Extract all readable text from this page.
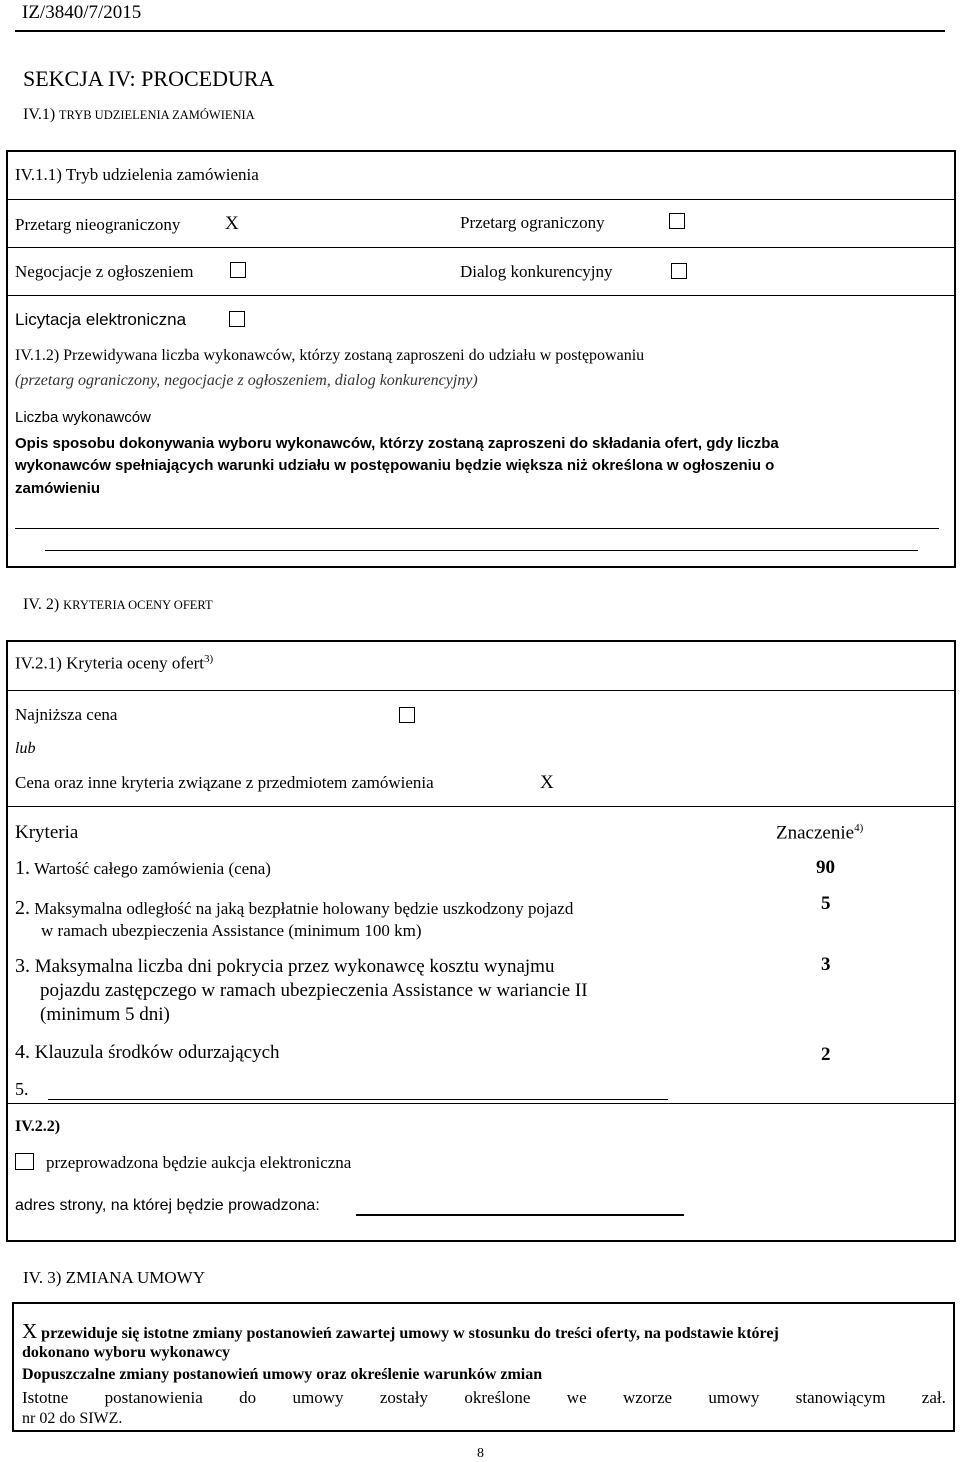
IZ/3840/7/2015
SEKCJA IV: PROCEDURA
IV.1) TRYB UDZIELENIA ZAMÓWIENIA
IV.1.1) Tryb udzielenia zamówienia
Przetarg nieograniczony X	Przetarg ograniczony
Negocjacje z ogłoszeniem	Dialog konkurencyjny
Licytacja elektroniczna
IV.1.2) Przewidywana liczba wykonawców, którzy zostaną zaproszeni do udziału w postępowaniu
(przetarg ograniczony, negocjacje z ogłoszeniem, dialog konkurencyjny)
Liczba wykonawców
Opis sposobu dokonywania wyboru wykonawców, którzy zostaną zaproszeni do składania ofert, gdy liczba
wykonawców spełniających warunki udziału w postępowaniu będzie większa niż określona w ogłoszeniu o
zamówieniu
IV. 2) KRYTERIA OCENY OFERT
IV.2.1) Kryteria oceny ofert$^{3)}$
Najniższa cena
lub
Cena oraz inne kryteria związane z przedmiotem zamówienia	X
Kryteria	Znaczenie$^{4)}$
1. Wartość całego zamówienia (cena)	90
2. Maksymalna odległość na jaką bezpłatnie holowany będzie uszkodzony pojazd
w ramach ubezpieczenia Assistance (minimum 100 km)
5
3. Maksymalna liczba dni pokrycia przez wykonawcę kosztu wynajmu
pojazdu zastępczego w ramach ubezpieczenia Assistance w wariancie II
(minimum 5 dni)
3
4. Klauzula środków odurzających	2
5.
IV.2.2)
przeprowadzona będzie aukcja elektroniczna
adres strony, na której będzie prowadzona:
IV. 3) ZMIANA UMOWY
X przewiduje się istotne zmiany postanowień zawartej umowy w stosunku do treści oferty, na podstawie której
dokonano wyboru wykonawcy
Dopuszczalne zmiany postanowień umowy oraz określenie warunków zmian
Istotne postanowienia do umowy zostały określone we wzorze umowy stanowiącym zał.
nr 02 do SIWZ.
8
